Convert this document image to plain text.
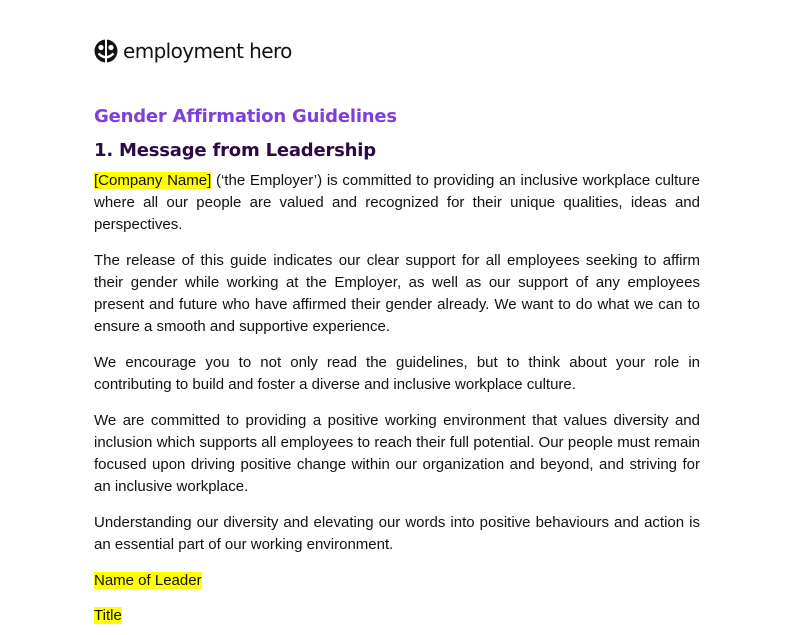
employment hero
Gender Affirmation Guidelines
1. Message from Leadership

[Company Name] (‘the Employer’) is committed to providing an inclusive workplace culture where all our people are valued and recognized for their unique qualities, ideas and perspectives.

The release of this guide indicates our clear support for all employees seeking to affirm their gender while working at the Employer, as well as our support of any employees present and future who have affirmed their gender already. We want to do what we can to ensure a smooth and supportive experience.

We encourage you to not only read the guidelines, but to think about your role in contributing to build and foster a diverse and inclusive workplace culture.

We are committed to providing a positive working environment that values diversity and inclusion which supports all employees to reach their full potential. Our people must remain focused upon driving positive change within our organization and beyond, and striving for an inclusive workplace.

Understanding our diversity and elevating our words into positive behaviours and action is an essential part of our working environment.

Name of Leader

Title
